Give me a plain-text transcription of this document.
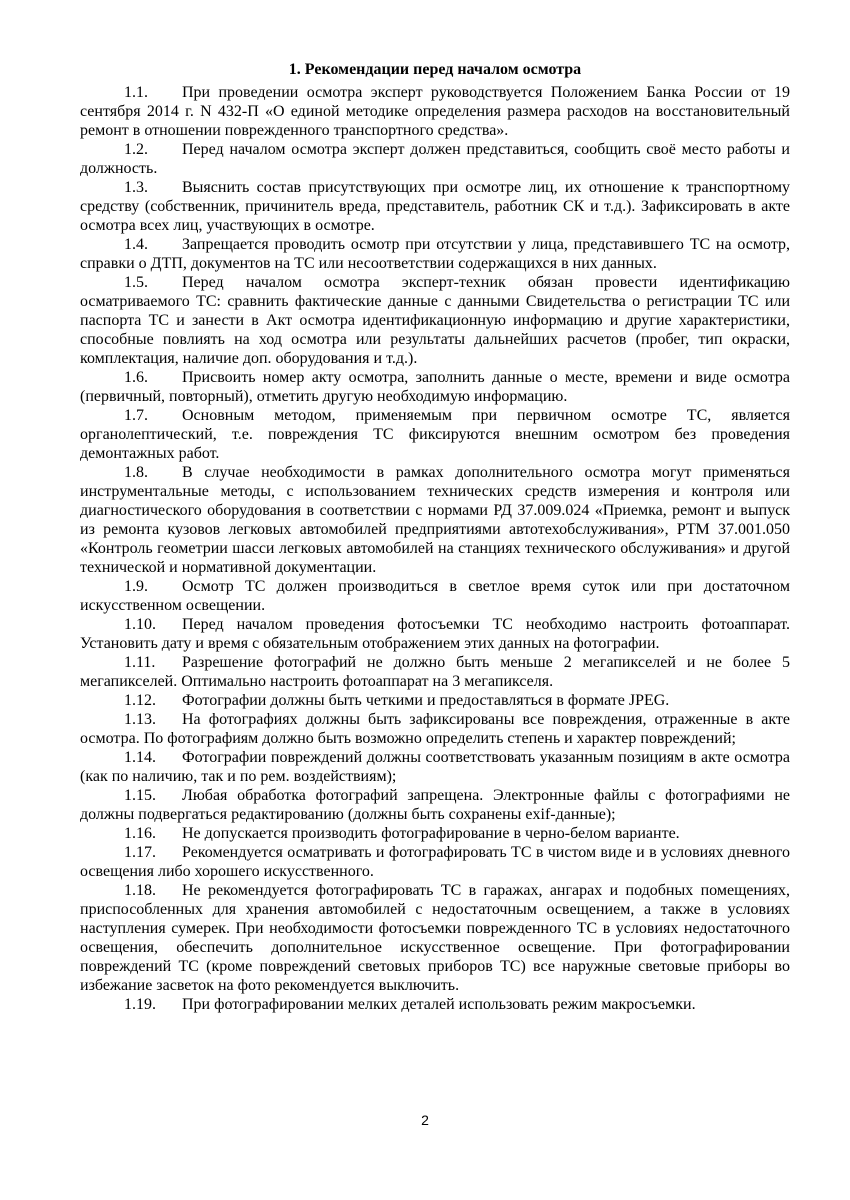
1. Рекомендации перед началом осмотра
1.1. При проведении осмотра эксперт руководствуется Положением Банка России от 19 сентября 2014 г. N 432-П «О единой методике определения размера расходов на восстановительный ремонт в отношении поврежденного транспортного средства».
1.2. Перед началом осмотра эксперт должен представиться, сообщить своё место работы и должность.
1.3. Выяснить состав присутствующих при осмотре лиц, их отношение к транспортному средству (собственник, причинитель вреда, представитель, работник СК и т.д.). Зафиксировать в акте осмотра всех лиц, участвующих в осмотре.
1.4. Запрещается проводить осмотр при отсутствии у лица, представившего ТС на осмотр, справки о ДТП, документов на ТС или несоответствии содержащихся в них данных.
1.5. Перед началом осмотра эксперт-техник обязан провести идентификацию осматриваемого ТС: сравнить фактические данные с данными Свидетельства о регистрации ТС или паспорта ТС и занести в Акт осмотра идентификационную информацию и другие характеристики, способные повлиять на ход осмотра или результаты дальнейших расчетов (пробег, тип окраски, комплектация, наличие доп. оборудования и т.д.).
1.6. Присвоить номер акту осмотра, заполнить данные о месте, времени и виде осмотра (первичный, повторный), отметить другую необходимую информацию.
1.7. Основным методом, применяемым при первичном осмотре ТС, является органолептический, т.е. повреждения ТС фиксируются внешним осмотром без проведения демонтажных работ.
1.8. В случае необходимости в рамках дополнительного осмотра могут применяться инструментальные методы, с использованием технических средств измерения и контроля или диагностического оборудования в соответствии с нормами РД 37.009.024 «Приемка, ремонт и выпуск из ремонта кузовов легковых автомобилей предприятиями автотехобслуживания», РТМ 37.001.050 «Контроль геометрии шасси легковых автомобилей на станциях технического обслуживания» и другой технической и нормативной документации.
1.9. Осмотр ТС должен производиться в светлое время суток или при достаточном искусственном освещении.
1.10. Перед началом проведения фотосъемки ТС необходимо настроить фотоаппарат. Установить дату и время с обязательным отображением этих данных на фотографии.
1.11. Разрешение фотографий не должно быть меньше 2 мегапикселей и не более 5 мегапикселей. Оптимально настроить фотоаппарат на 3 мегапикселя.
1.12. Фотографии должны быть четкими и предоставляться в формате JPEG.
1.13. На фотографиях должны быть зафиксированы все повреждения, отраженные в акте осмотра. По фотографиям должно быть возможно определить степень и характер повреждений;
1.14. Фотографии повреждений должны соответствовать указанным позициям в акте осмотра (как по наличию, так и по рем. воздействиям);
1.15. Любая обработка фотографий запрещена. Электронные файлы с фотографиями не должны подвергаться редактированию (должны быть сохранены exif-данные);
1.16. Не допускается производить фотографирование в черно-белом варианте.
1.17. Рекомендуется осматривать и фотографировать ТС в чистом виде и в условиях дневного освещения либо хорошего искусственного.
1.18. Не рекомендуется фотографировать ТС в гаражах, ангарах и подобных помещениях, приспособленных для хранения автомобилей с недостаточным освещением, а также в условиях наступления сумерек. При необходимости фотосъемки поврежденного ТС в условиях недостаточного освещения, обеспечить дополнительное искусственное освещение. При фотографировании повреждений ТС (кроме повреждений световых приборов ТС) все наружные световые приборы во избежание засветок на фото рекомендуется выключить.
1.19. При фотографировании мелких деталей использовать режим макросъемки.
2
